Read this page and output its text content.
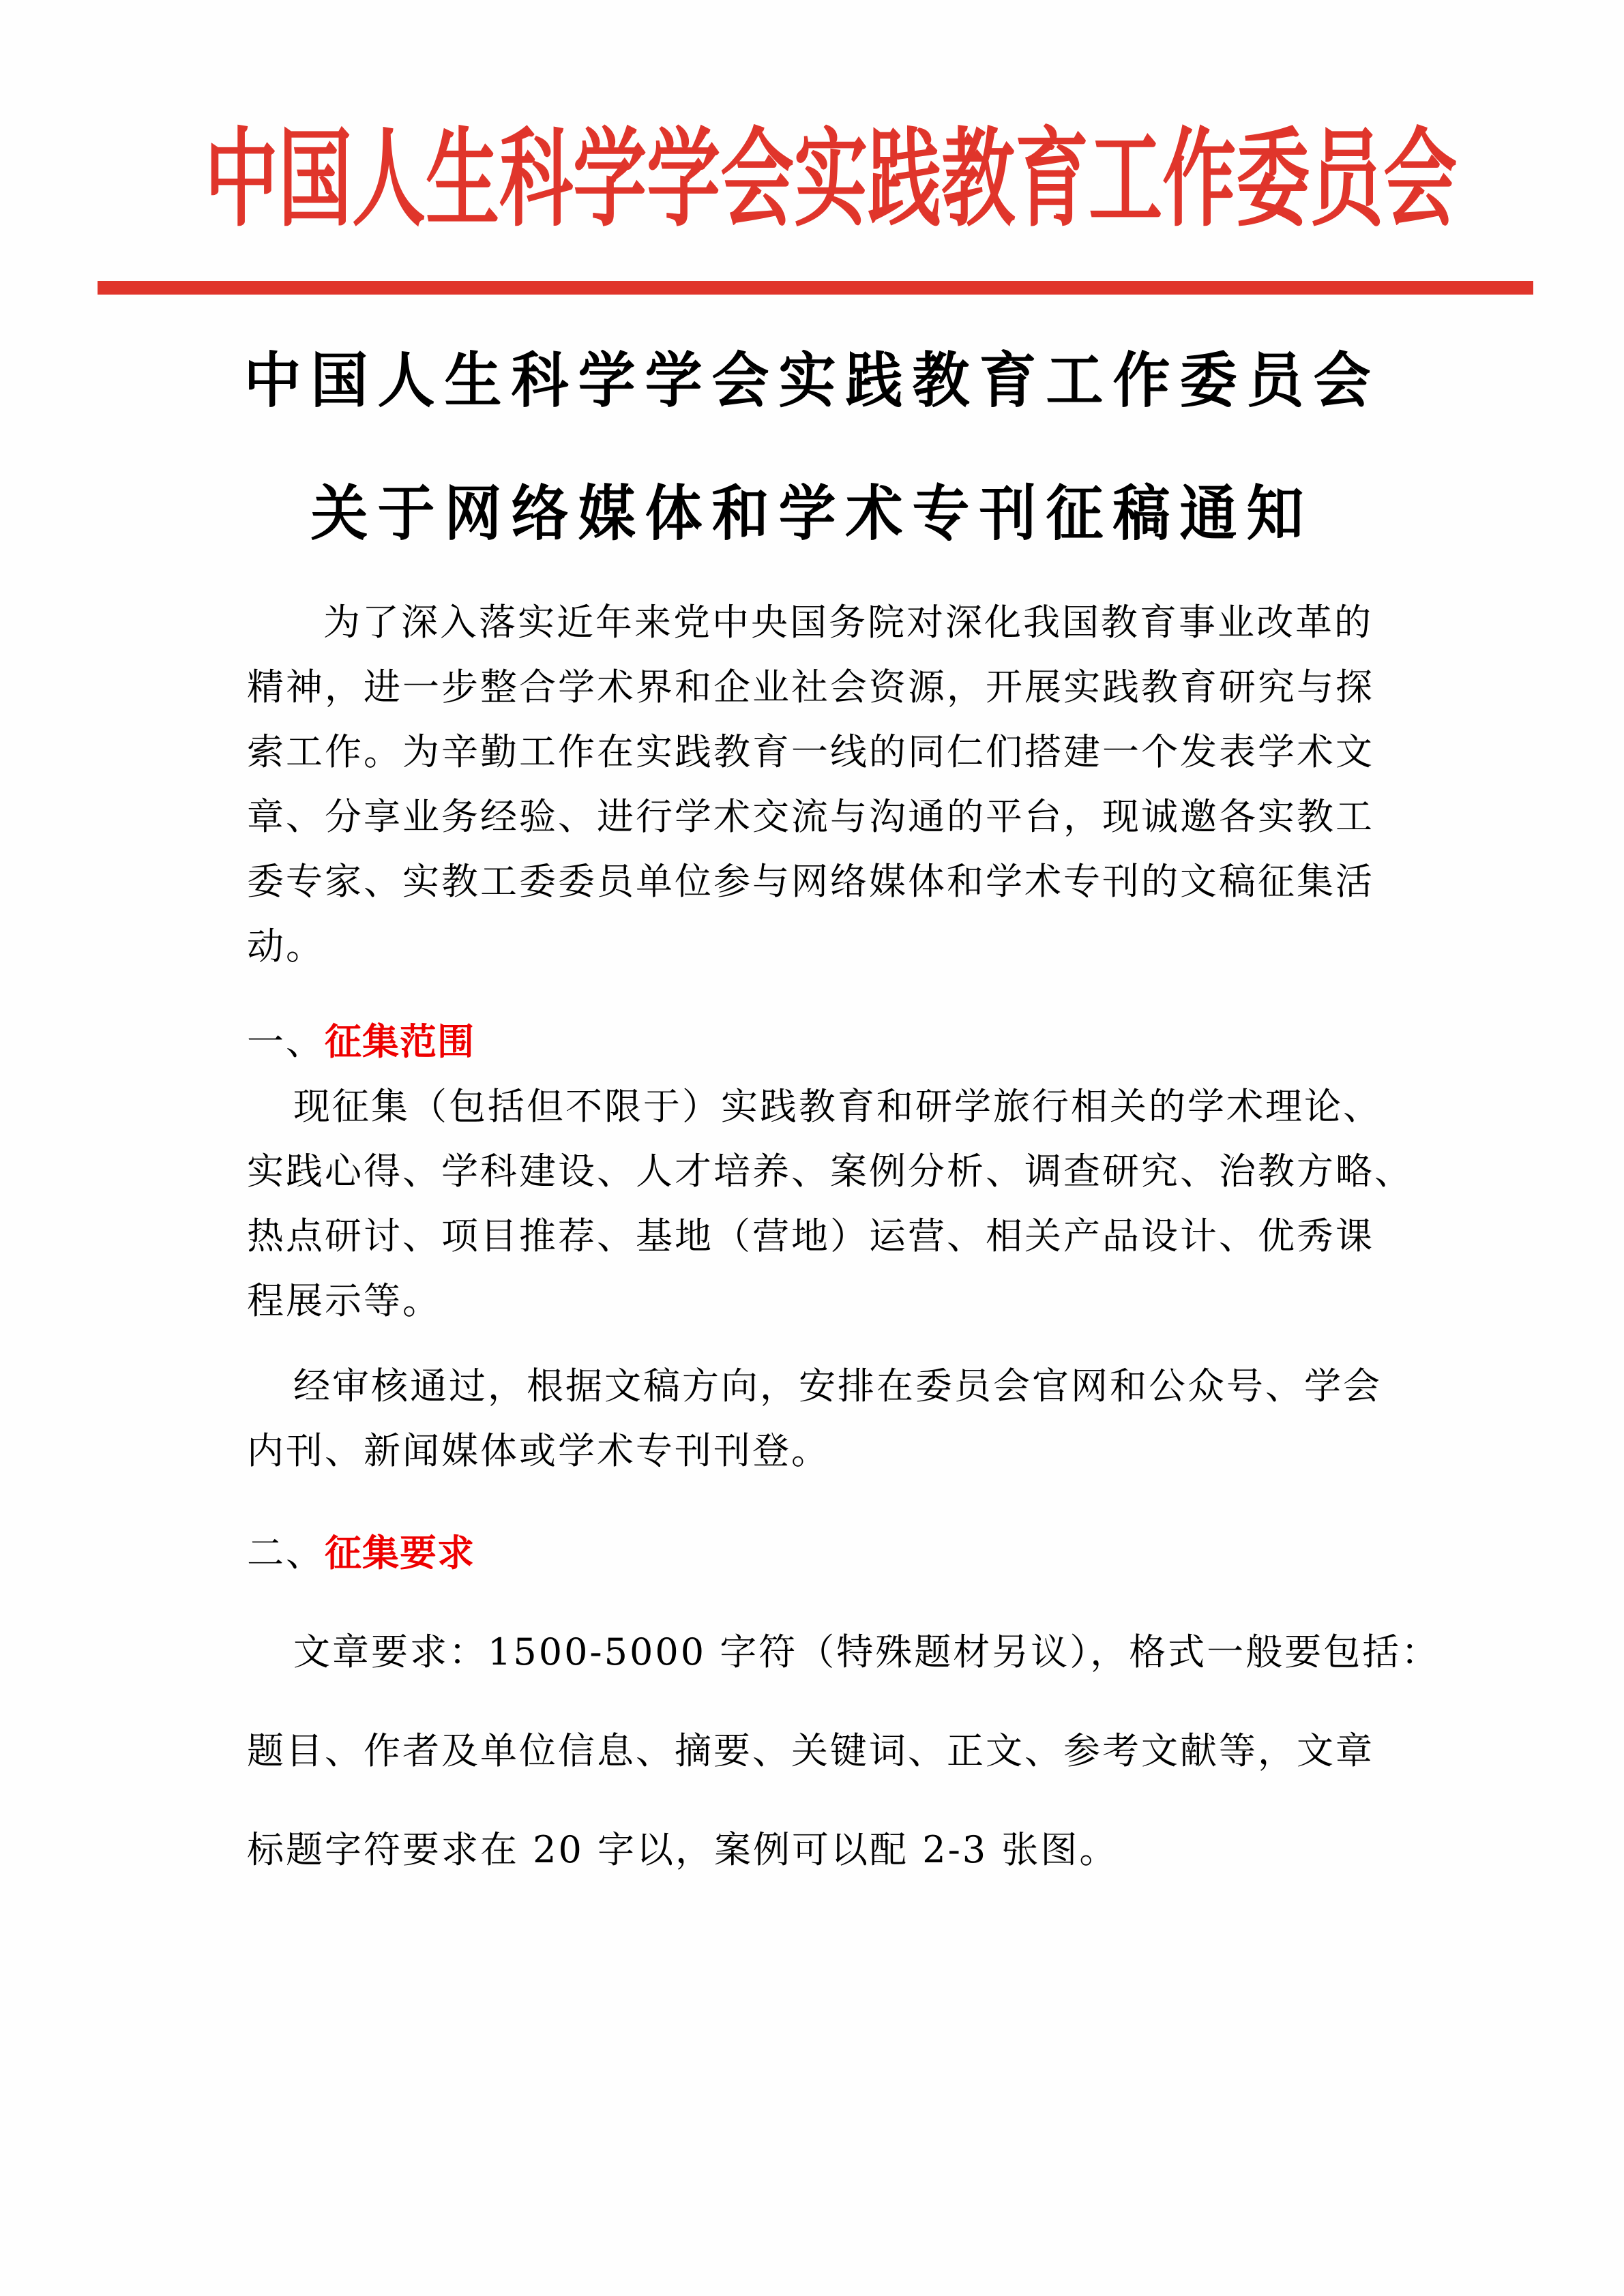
中 国 人 生 科 学 学 会 实 践 教 育 工 作 委 员 会
中国人生科学学会实践教育工作委员会
关于网络媒体和学术专刊征稿通知
为了深入落实近年来党中央国务院对深化我国教育事业改革的
精神，进一步整合学术界和企业社会资源，开展实践教育研究与探
索工作。为辛勤工作在实践教育一线的同仁们搭建一个发表学术文
章、分享业务经验、进行学术交流与沟通的平台，现诚邀各实教工
委专家、实教工委委员单位参与网络媒体和学术专刊的文稿征集活
动。
一、征集范围
现征集（包括但不限于）实践教育和研学旅行相关的学术理论、
实践心得、学科建设、人才培养、案例分析、调查研究、治教方略、
热点研讨、项目推荐、基地（营地）运营、相关产品设计、优秀课
程展示等。
经审核通过，根据文稿方向，安排在委员会官网和公众号、学会
内刊、新闻媒体或学术专刊刊登。
二、征集要求
文章要求：1500-5000 字符（特殊题材另议），格式一般要包括：
题目、作者及单位信息、摘要、关键词、正文、参考文献等，文章
标题字符要求在 20 字以，案例可以配 2-3 张图。
